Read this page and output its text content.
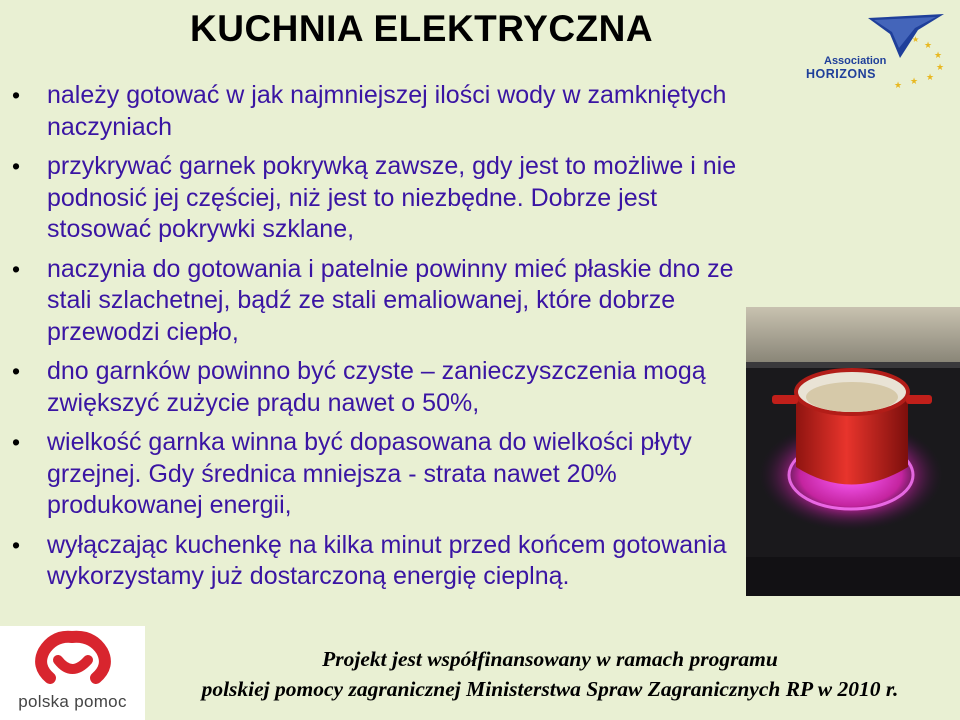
KUCHNIA ELEKTRYCZNA
Association
HORIZONS
★
★
★
★
★
★
★
• należy gotować w jak najmniejszej ilości wody w zamkniętych naczyniach
• przykrywać garnek pokrywką zawsze, gdy jest to możliwe i nie podnosić jej częściej, niż jest to niezbędne. Dobrze jest stosować pokrywki szklane,
• naczynia do gotowania i patelnie powinny mieć płaskie dno ze stali szlachetnej, bądź ze stali emaliowanej, które dobrze przewodzi ciepło,
• dno garnków powinno być czyste – zanieczyszczenia mogą zwiększyć zużycie prądu nawet o 50%,
• wielkość garnka winna być dopasowana do wielkości płyty grzejnej. Gdy średnica mniejsza - strata nawet 20% produkowanej energii,
• wyłączając kuchenkę na kilka minut przed końcem gotowania wykorzystamy już dostarczoną energię cieplną.
polska pomoc
Projekt jest współfinansowany w ramach programu
polskiej pomocy zagranicznej Ministerstwa Spraw Zagranicznych RP w 2010 r.
